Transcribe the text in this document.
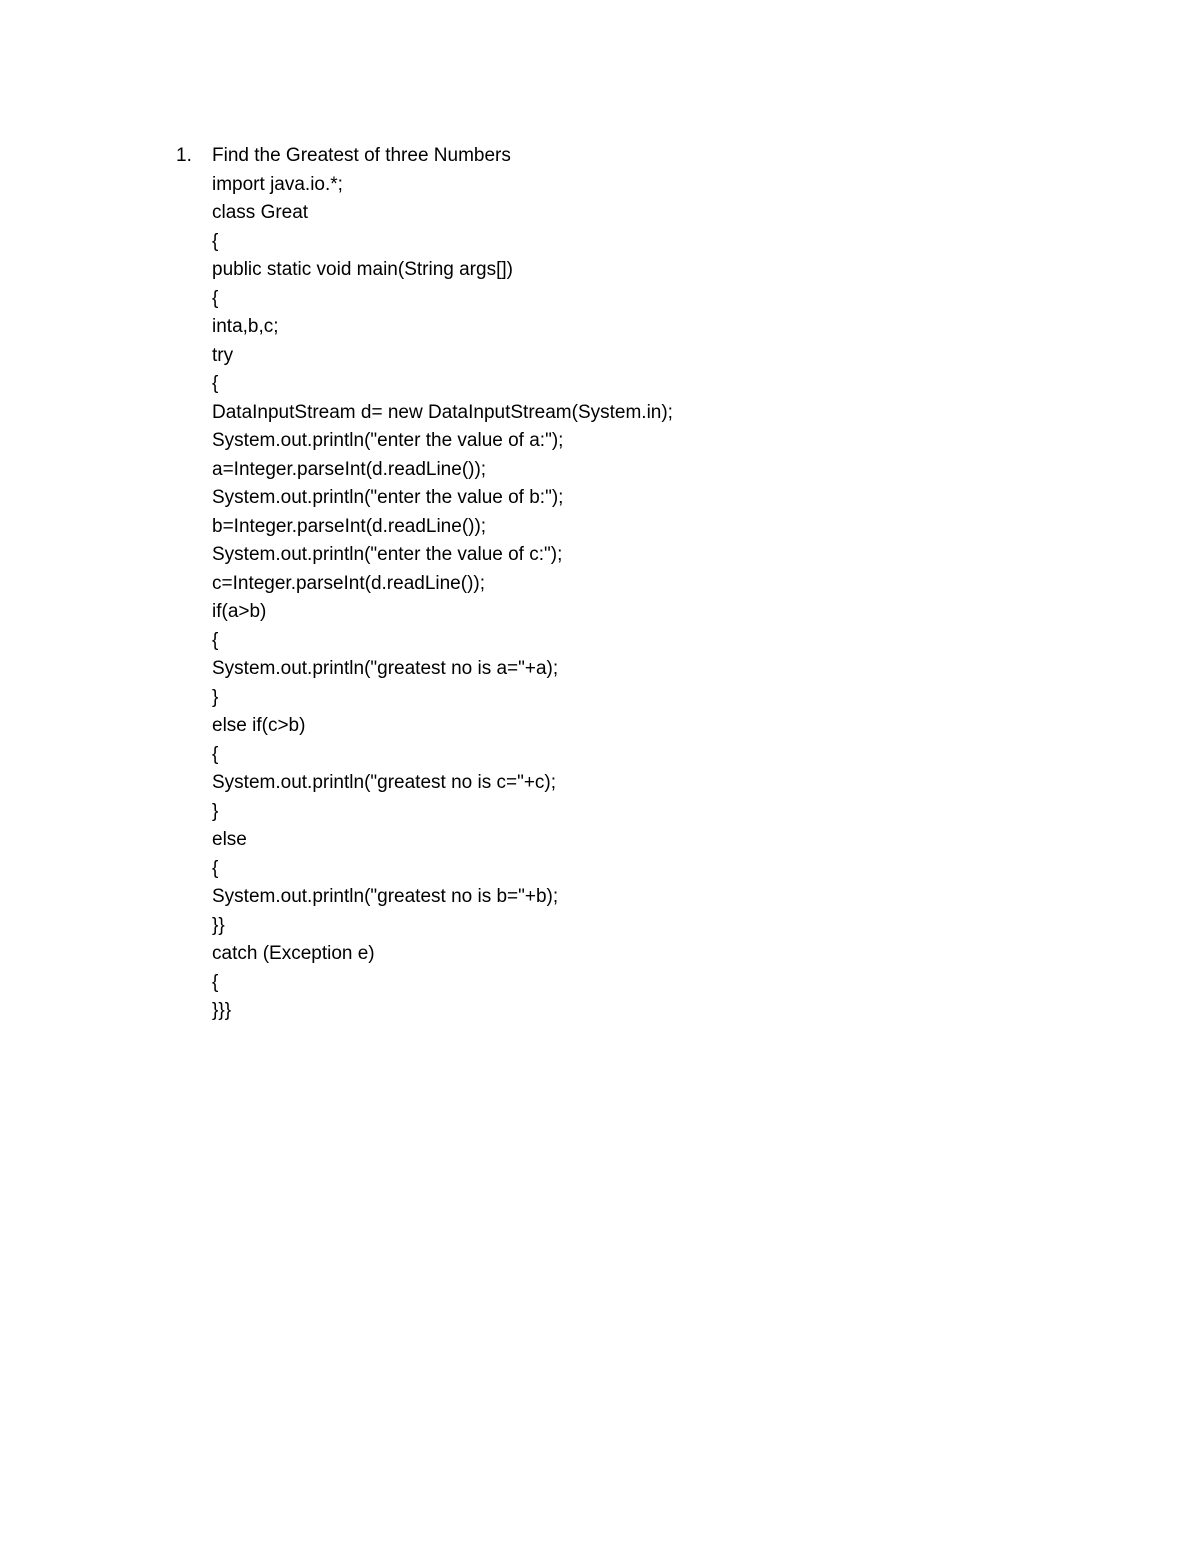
1.	Find the Greatest of three Numbers
import java.io.*;
class Great
{
public static void main(String args[])
{
inta,b,c;
try
{
DataInputStream d= new DataInputStream(System.in);
System.out.println("enter the value of a:");
a=Integer.parseInt(d.readLine());
System.out.println("enter the value of b:");
b=Integer.parseInt(d.readLine());
System.out.println("enter the value of c:");
c=Integer.parseInt(d.readLine());
if(a>b)
{
System.out.println("greatest no is a="+a);
}
else if(c>b)
{
System.out.println("greatest no is c="+c);
}
else
{
System.out.println("greatest no is b="+b);
}}
catch (Exception e)
{
}}}
